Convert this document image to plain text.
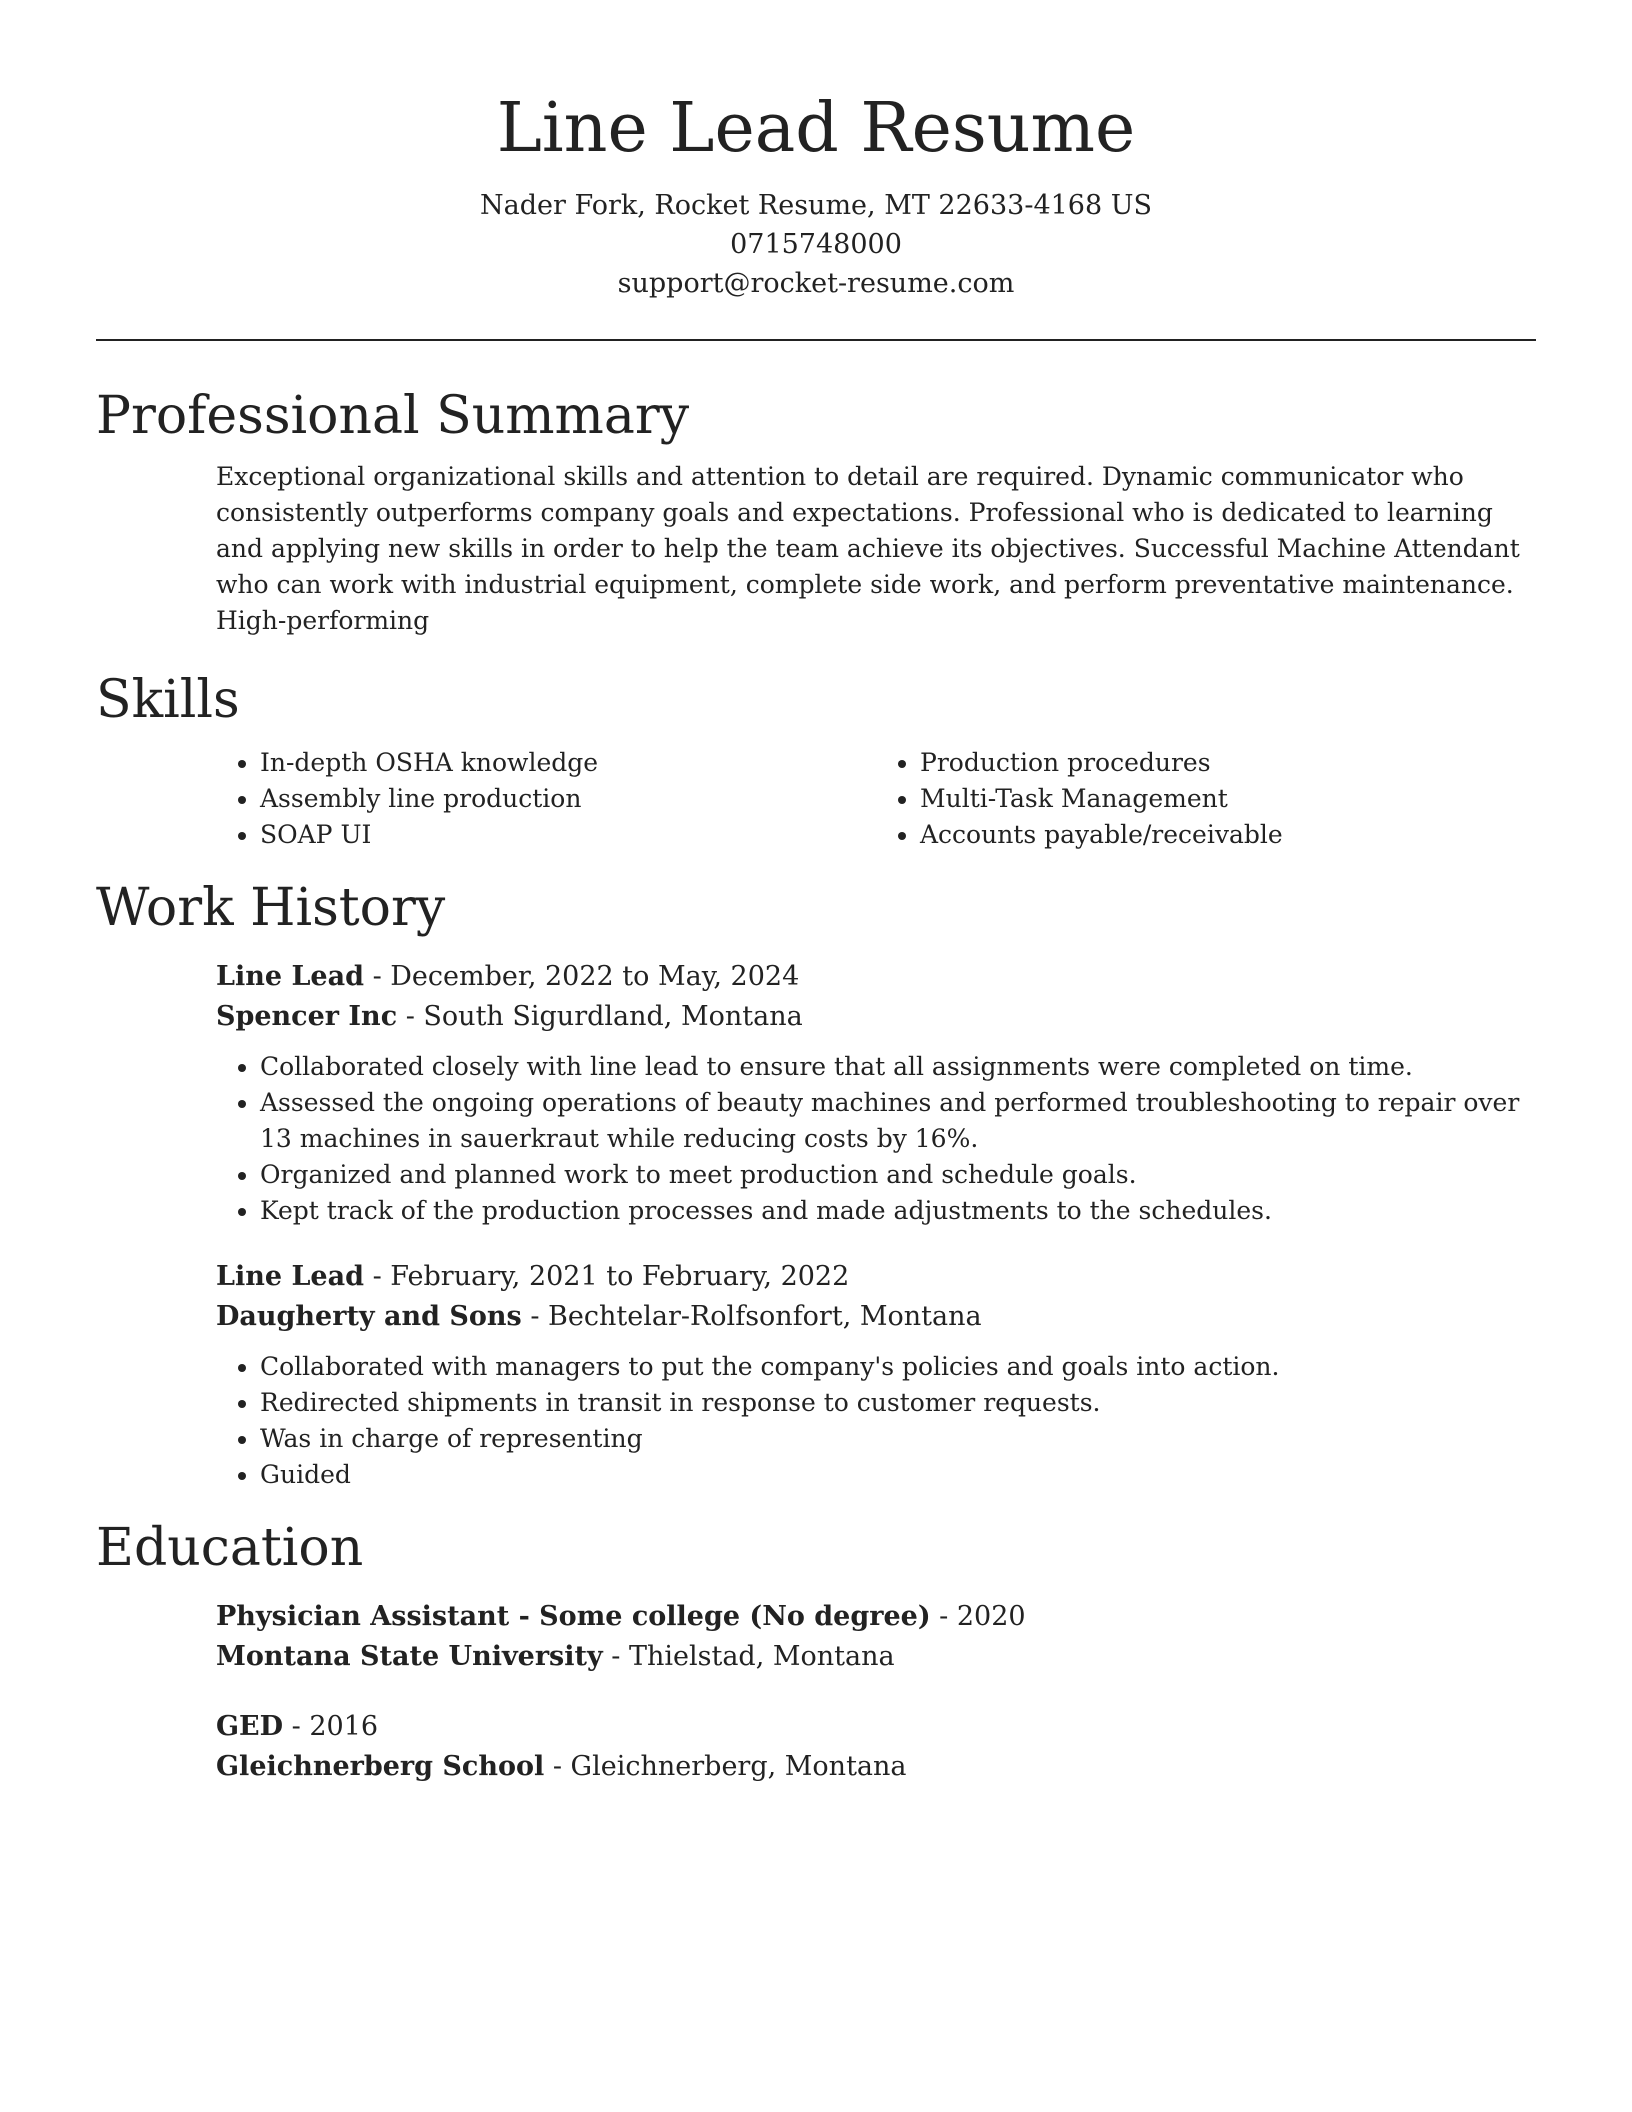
Line Lead Resume

Nader Fork, Rocket Resume, MT 22633-4168 US

0715748000

support@rocket-resume.com

Professional Summary

Exceptional organizational skills and attention to detail are required. Dynamic communicator who consistently outperforms company goals and expectations. Professional who is dedicated to learning and applying new skills in order to help the team achieve its objectives. Successful Machine Attendant who can work with industrial equipment, complete side work, and perform preventative maintenance. High-performing

Skills
• In-depth OSHA knowledge
• Assembly line production
• SOAP UI
• Production procedures
• Multi-Task Management
• Accounts payable/receivable
Work History

Line Lead - December, 2022 to May, 2024

Spencer Inc - South Sigurdland, Montana

• Collaborated closely with line lead to ensure that all assignments were completed on time.
• Assessed the ongoing operations of beauty machines and performed troubleshooting to repair over 13 machines in sauerkraut while reducing costs by 16%.
• Organized and planned work to meet production and schedule goals.
• Kept track of the production processes and made adjustments to the schedules.

Line Lead - February, 2021 to February, 2022

Daugherty and Sons - Bechtelar-Rolfsonfort, Montana

• Collaborated with managers to put the company's policies and goals into action.
• Redirected shipments in transit in response to customer requests.
• Was in charge of representing
• Guided
Education

Physician Assistant - Some college (No degree) - 2020

Montana State University - Thielstad, Montana

GED - 2016

Gleichnerberg School - Gleichnerberg, Montana
